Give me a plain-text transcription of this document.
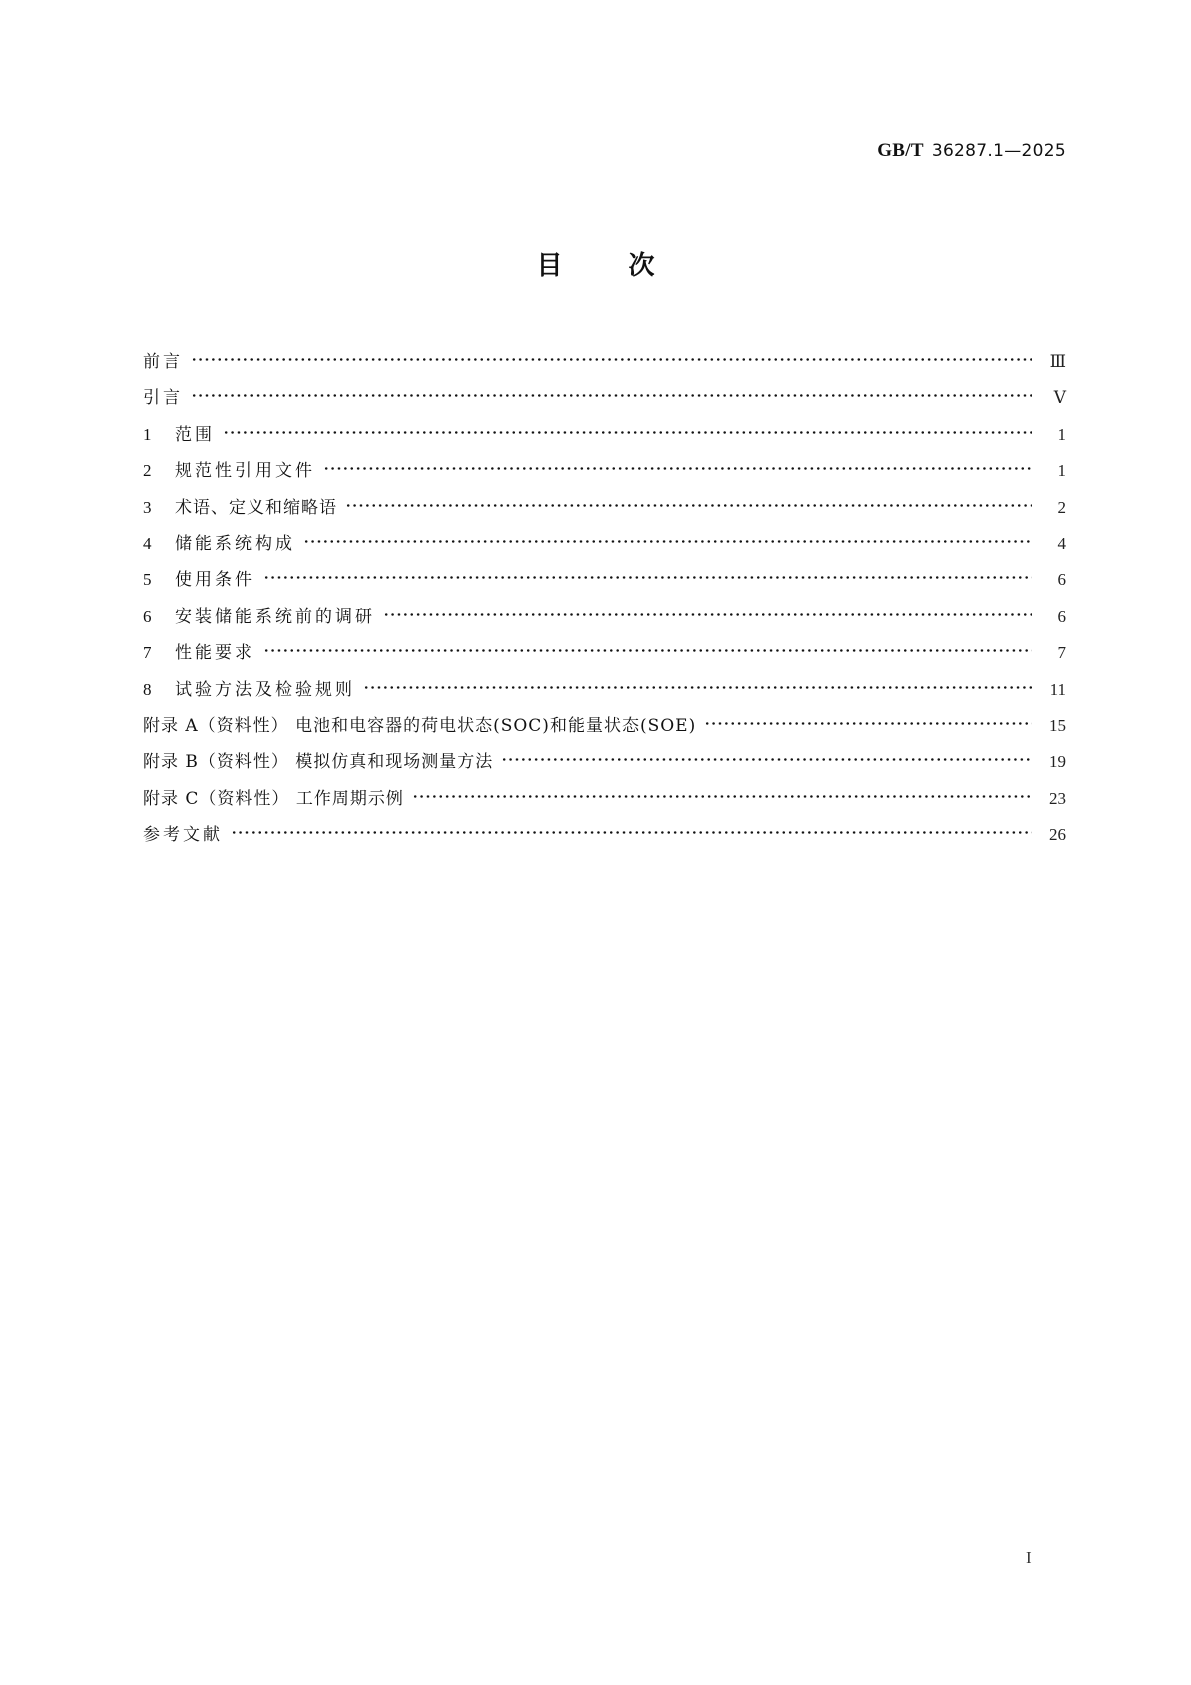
GB/T 36287.1—2025
目	次
前言	Ⅲ
引言	Ⅴ
1	范围	1
2	规范性引用文件	1
3	术语、定义和缩略语	2
4	储能系统构成	4
5	使用条件	6
6	安装储能系统前的调研	6
7	性能要求	7
8	试验方法及检验规则	11
附录 A（资料性） 电池和电容器的荷电状态(SOC)和能量状态(SOE)	15
附录 B（资料性） 模拟仿真和现场测量方法	19
附录 C（资料性） 工作周期示例	23
参考文献	26
I
